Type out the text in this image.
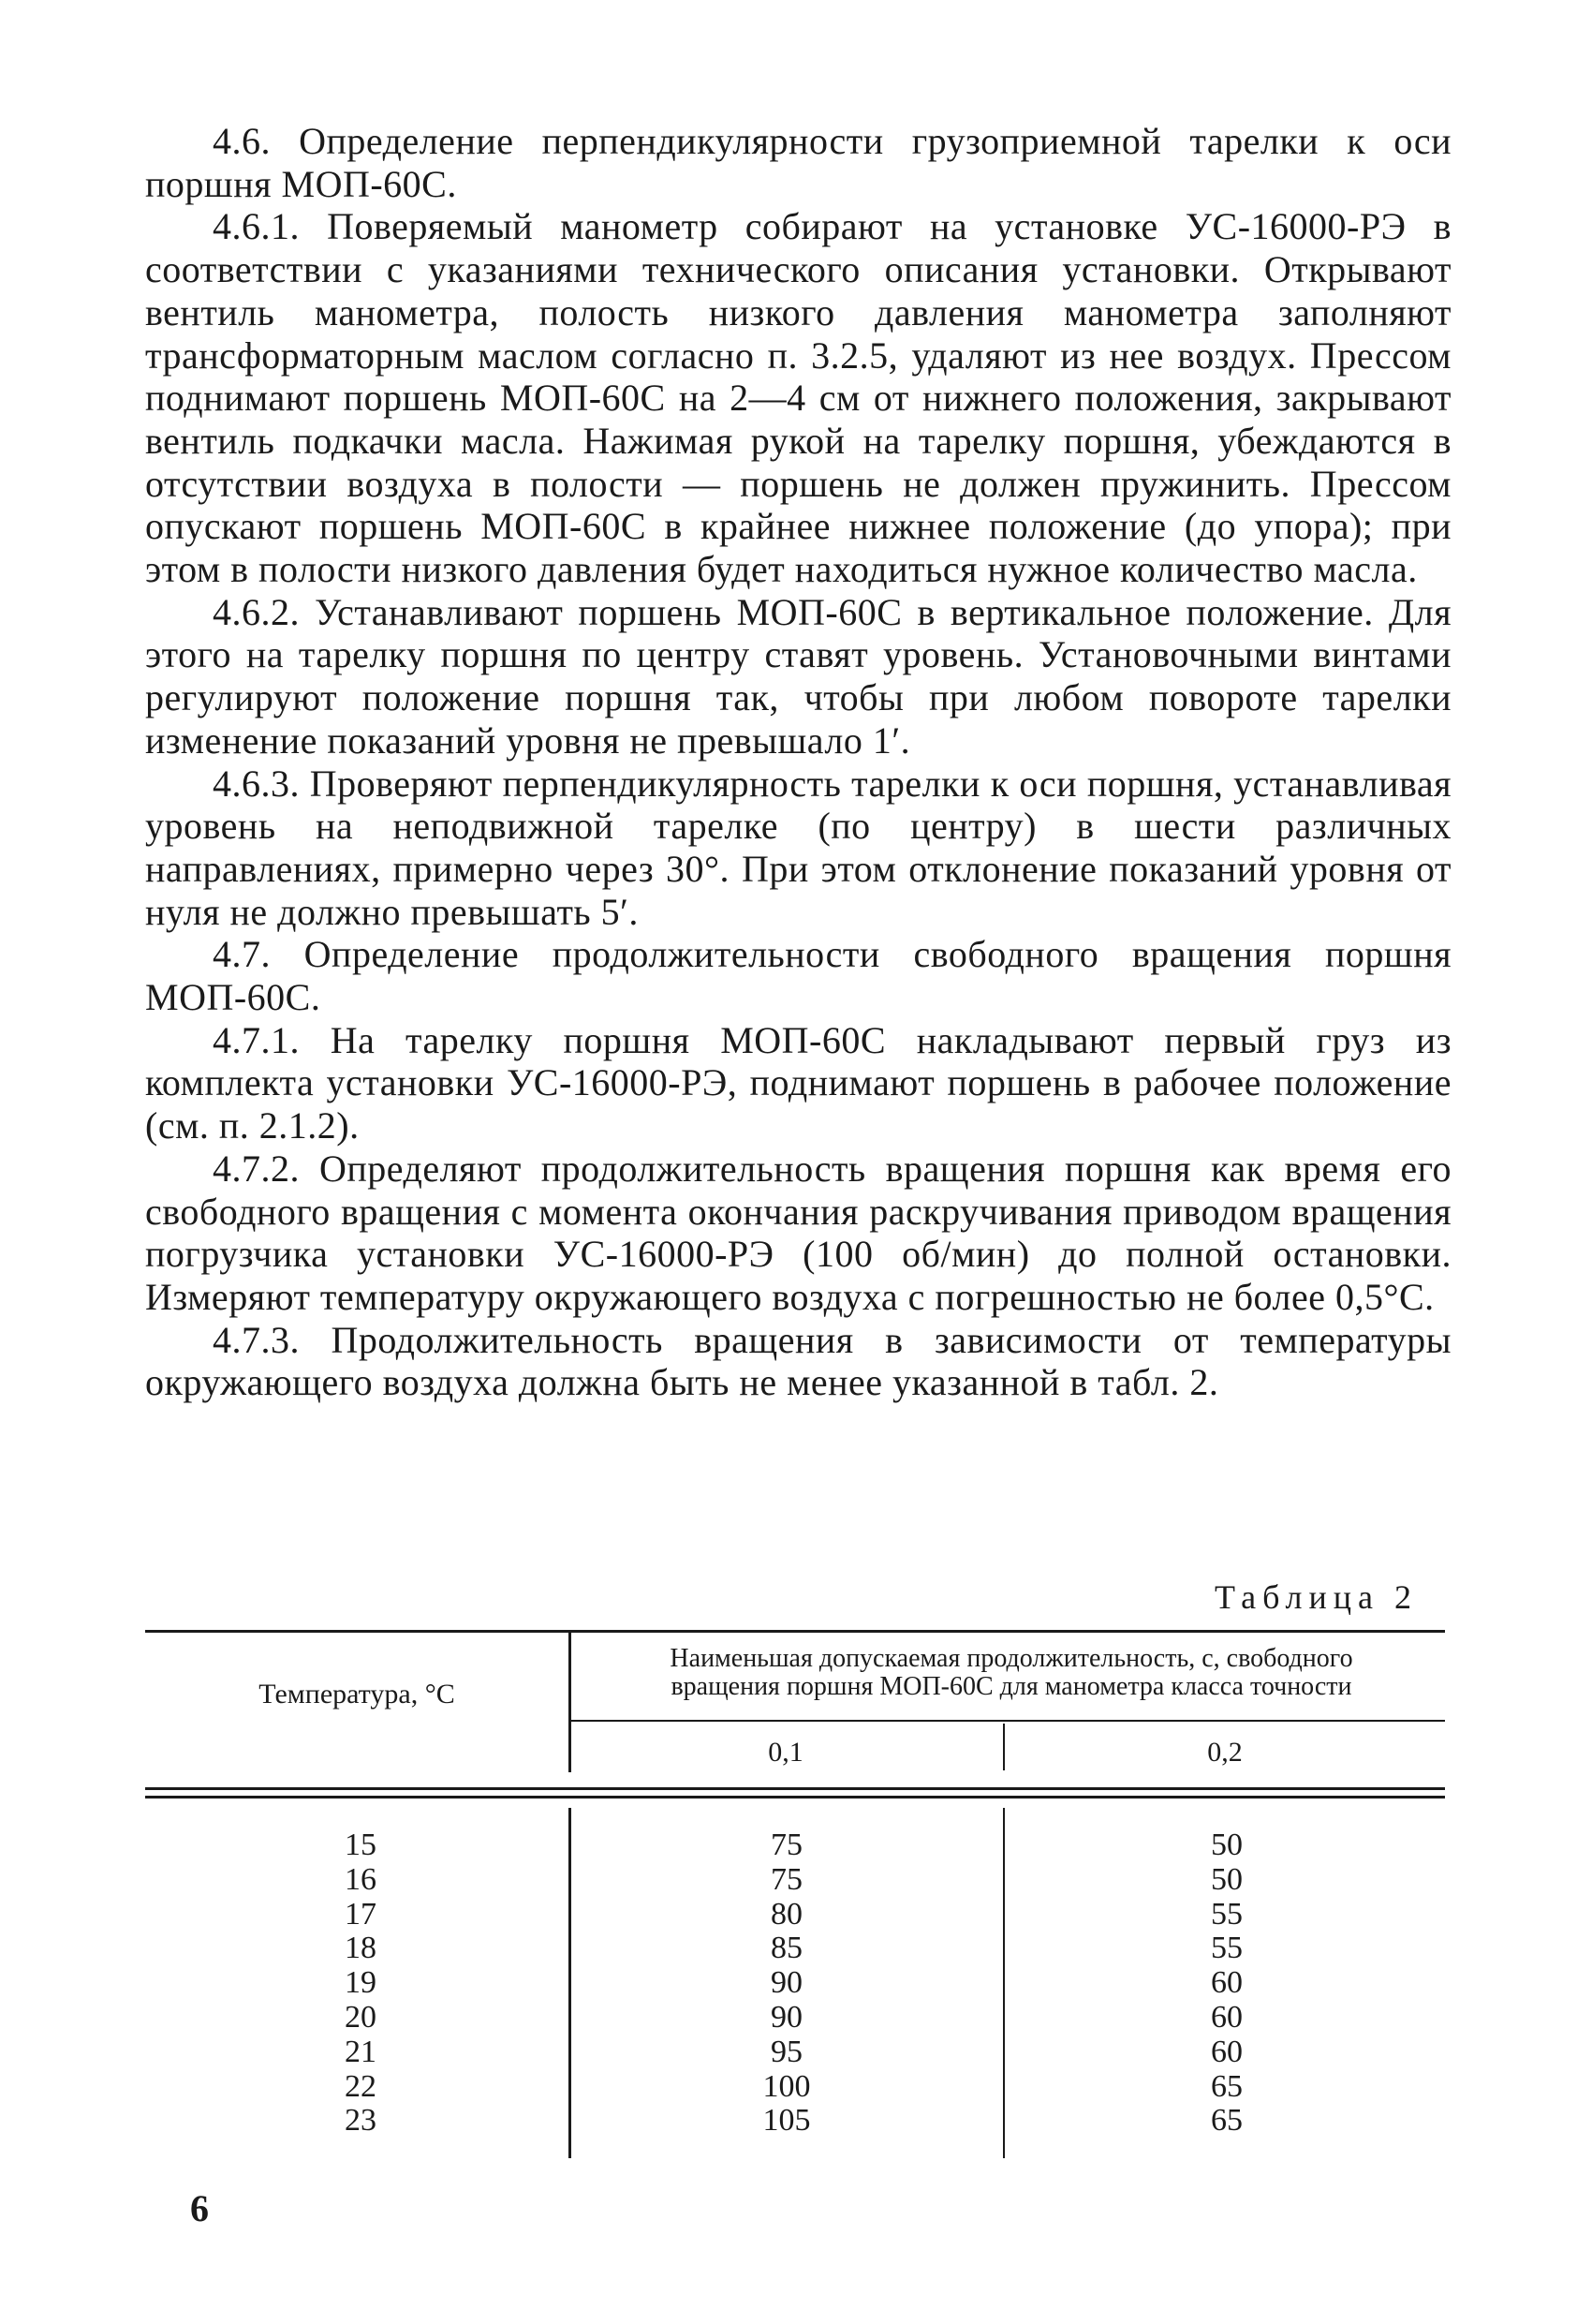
4.6. Определение перпендикулярности грузоприемной тарелки к оси поршня МОП-60С.

4.6.1. Поверяемый манометр собирают на установке УС-16000-РЭ в соответствии с указаниями технического описания установки. Открывают вентиль манометра, полость низкого давления манометра заполняют трансформаторным маслом согласно п. 3.2.5, удаляют из нее воздух. Прессом поднимают поршень МОП-60С на 2—4 см от нижнего положения, закрывают вентиль подкачки масла. Нажимая рукой на тарелку поршня, убеждаются в отсутствии воздуха в полости — поршень не должен пружинить. Прессом опускают поршень МОП-60С в крайнее нижнее положение (до упора); при этом в полости низкого давления будет находиться нужное количество масла.

4.6.2. Устанавливают поршень МОП-60С в вертикальное положение. Для этого на тарелку поршня по центру ставят уровень. Установочными винтами регулируют положение поршня так, чтобы при любом повороте тарелки изменение показаний уровня не превышало 1′.

4.6.3. Проверяют перпендикулярность тарелки к оси поршня, устанавливая уровень на неподвижной тарелке (по центру) в шести различных направлениях, примерно через 30°. При этом отклонение показаний уровня от нуля не должно превышать 5′.

4.7. Определение продолжительности свободного вращения поршня МОП-60С.

4.7.1. На тарелку поршня МОП-60С накладывают первый груз из комплекта установки УС-16000-РЭ, поднимают поршень в рабочее положение (см. п. 2.1.2).

4.7.2. Определяют продолжительность вращения поршня как время его свободного вращения с момента окончания раскручивания приводом вращения погрузчика установки УС-16000-РЭ (100 об/мин) до полной остановки. Измеряют температуру окружающего воздуха с погрешностью не более 0,5°С.

4.7.3. Продолжительность вращения в зависимости от температуры окружающего воздуха должна быть не менее указанной в табл. 2.

Таблица 2
Температура, °С
Наименьшая допускаемая продолжительность, с, свободного вращения поршня МОП-60С для манометра класса точности
0,1	0,2
15
16
17
18
19
20
21
22
23
75
75
80
85
90
90
95
100
105
50
50
55
55
60
60
60
65
65
6
